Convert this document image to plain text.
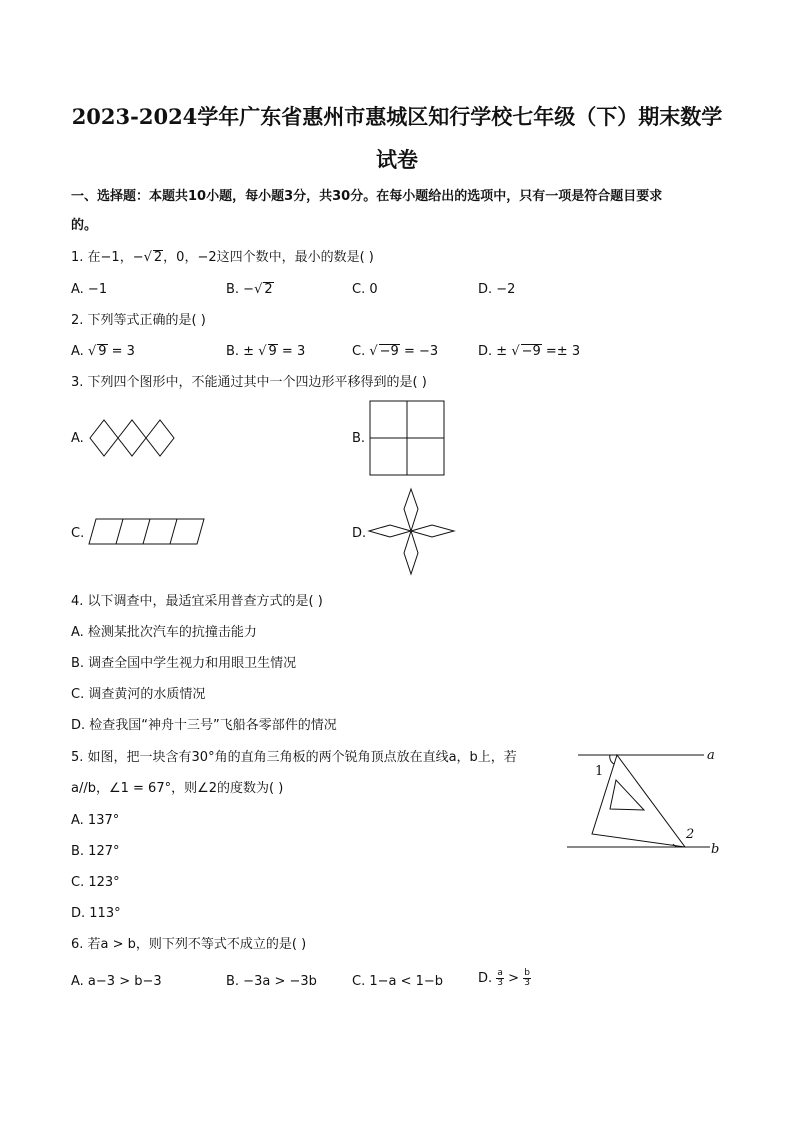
2023-2024学年广东省惠州市惠城区知行学校七年级（下）期末数学
试卷
一、选择题：本题共10小题，每小题3分，共30分。在每小题给出的选项中，只有一项是符合题目要求
的。
1. 在−1，−√ 2，0，−2这四个数中，最小的数是( )
A. −1	B. −√ 2	C. 0	D. −2
2. 下列等式正确的是( )
A. √ 9 = 3	B. ± √ 9 = 3	C. √ −9 = −3	D. ± √ −9 =± 3
3. 下列四个图形中，不能通过其中一个四边形平移得到的是( )
A.	B.
C.	D.
4. 以下调查中，最适宜采用普查方式的是( )
A. 检测某批次汽车的抗撞击能力
B. 调查全国中学生视力和用眼卫生情况
C. 调查黄河的水质情况
D. 检查我国“神舟十三号”飞船各零部件的情况
5. 如图，把一块含有30°角的直角三角板的两个锐角顶点放在直线a，b上，若
a//b，∠1 = 67°，则∠2的度数为( )
A. 137°
B. 127°
C. 123°
D. 113°
a
b
1
2
6. 若a > b，则下列不等式不成立的是( )
A. a−3 > b−3	B. −3a > −3b	C. 1−a < 1−b	D. $\frac{a}{3} > \frac{b}{3}$
